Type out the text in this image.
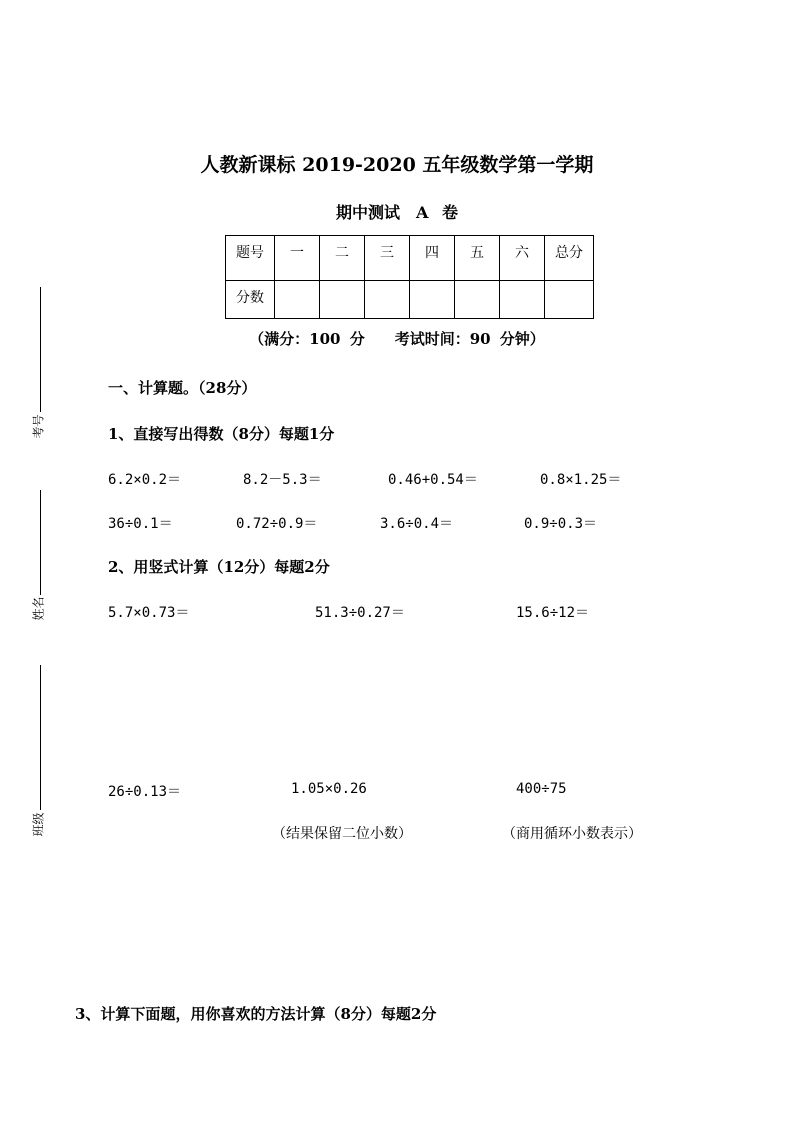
考号
姓名
班级
人教新课标 2019-2020 五年级数学第一学期
期中测试　A 卷
题号	一	二	三	四	五	六	总分
分数							
（满分：100 分　　考试时间：90 分钟）
一、计算题。（28分）
1、直接写出得数（8分）每题1分
6.2×0.2＝	8.2－5.3＝	0.46+0.54＝	0.8×1.25＝
36÷0.1＝	0.72÷0.9＝	3.6÷0.4＝	0.9÷0.3＝
2、用竖式计算（12分）每题2分
5.7×0.73＝	51.3÷0.27＝	15.6÷12＝
26÷0.13＝	1.05×0.26	400÷75
（结果保留二位小数）	（商用循环小数表示）
3、计算下面题，用你喜欢的方法计算（8分）每题2分
